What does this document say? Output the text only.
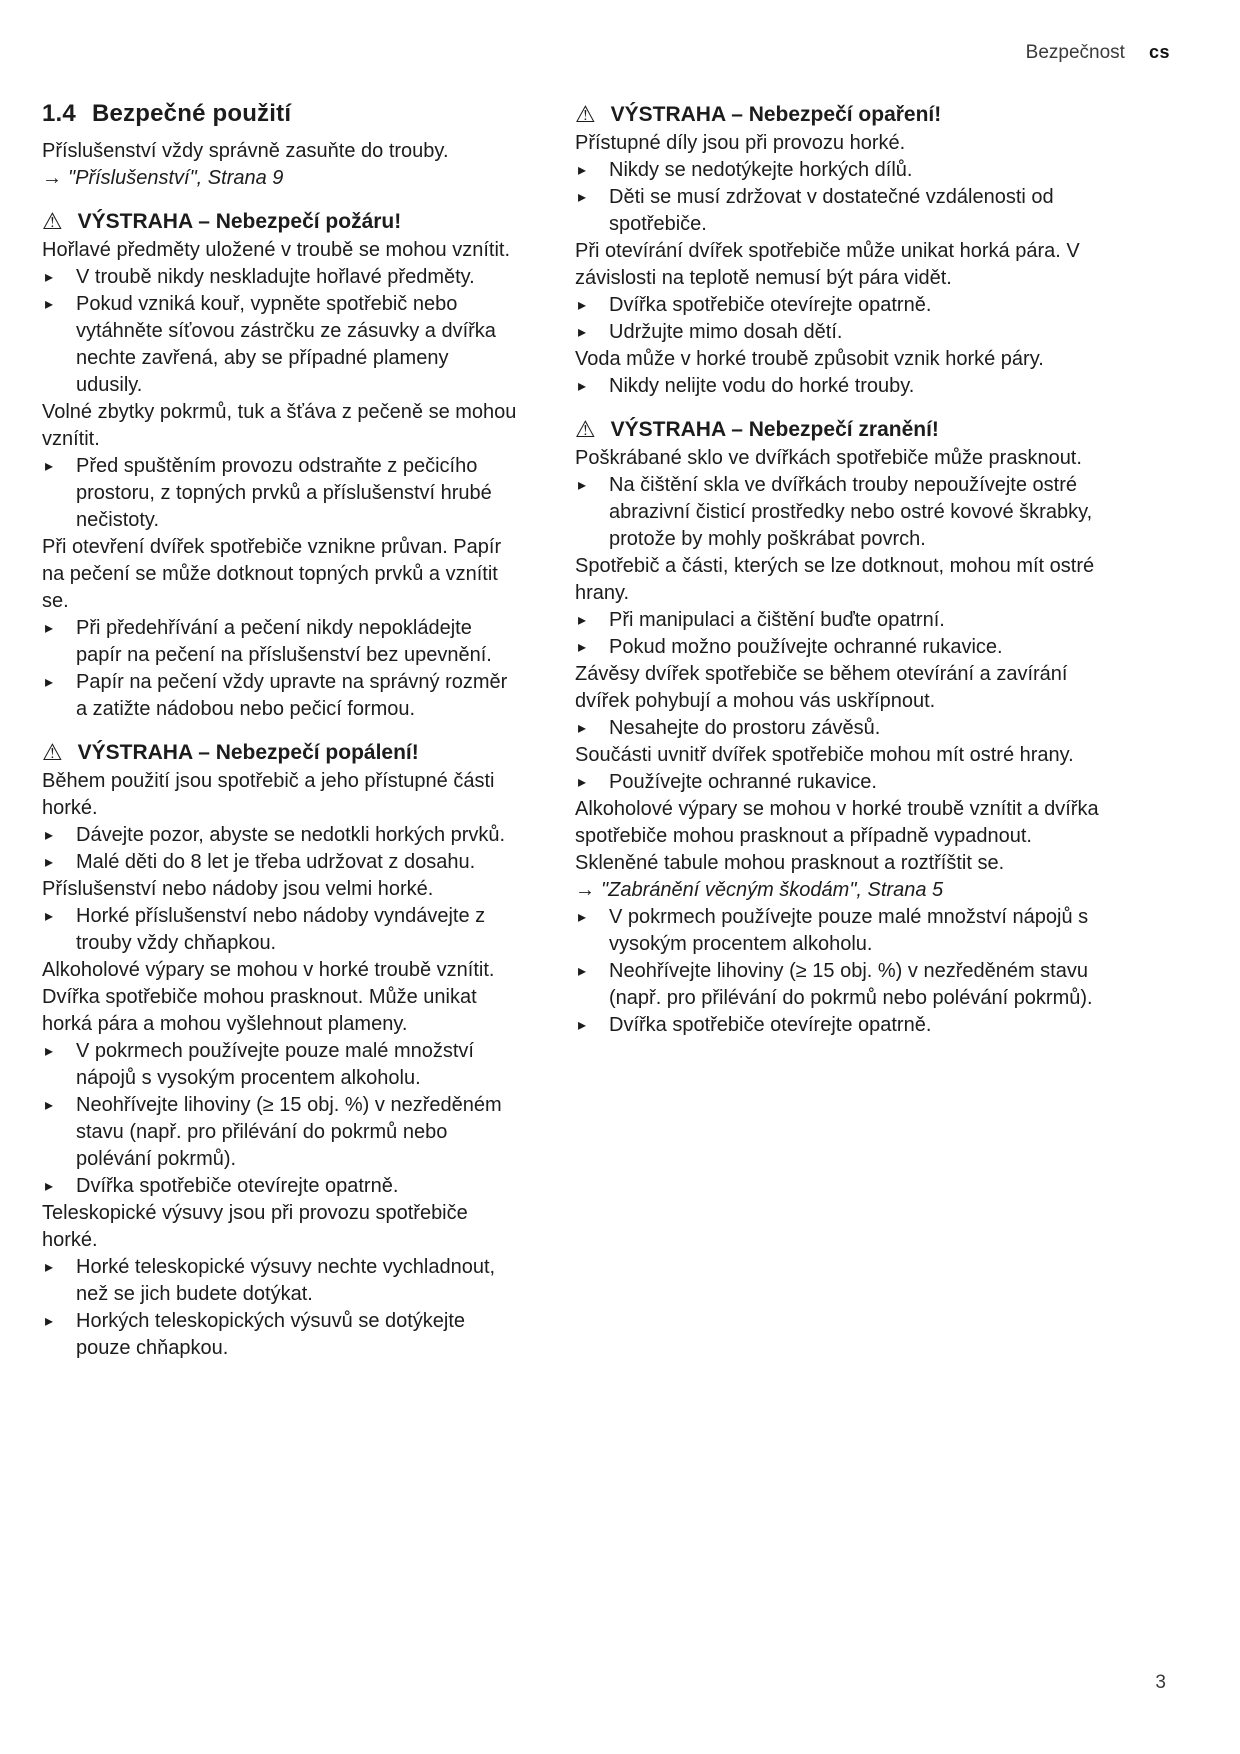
Bezpečnost cs
1.4 Bezpečné použití

Příslušenství vždy správně zasuňte do trouby.

→ "Příslušenství", Strana 9

⚠ VÝSTRAHA – Nebezpečí požáru!

Hořlavé předměty uložené v troubě se mohou vznítit.

▸ V troubě nikdy neskladujte hořlavé předměty.
▸ Pokud vzniká kouř, vypněte spotřebič nebo vytáhněte síťovou zástrčku ze zásuvky a dvířka nechte zavřená, aby se případné plameny udusily.

Volné zbytky pokrmů, tuk a šťáva z pečeně se mohou vznítit.

▸ Před spuštěním provozu odstraňte z pečicího prostoru, z topných prvků a příslušenství hrubé nečistoty.

Při otevření dvířek spotřebiče vznikne průvan. Papír na pečení se může dotknout topných prvků a vznítit se.

▸ Při předehřívání a pečení nikdy nepokládejte papír na pečení na příslušenství bez upevnění.
▸ Papír na pečení vždy upravte na správný rozměr a zatižte nádobou nebo pečicí formou.
⚠ VÝSTRAHA – Nebezpečí popálení!

Během použití jsou spotřebič a jeho přístupné části horké.

▸ Dávejte pozor, abyste se nedotkli horkých prvků.
▸ Malé děti do 8 let je třeba udržovat z dosahu.

Příslušenství nebo nádoby jsou velmi horké.

▸ Horké příslušenství nebo nádoby vyndávejte z trouby vždy chňapkou.

Alkoholové výpary se mohou v horké troubě vznítit. Dvířka spotřebiče mohou prasknout. Může unikat horká pára a mohou vyšlehnout plameny.

▸ V pokrmech používejte pouze malé množství nápojů s vysokým procentem alkoholu.
▸ Neohřívejte lihoviny (≥ 15 obj. %) v nezředěném stavu (např. pro přilévání do pokrmů nebo polévání pokrmů).
▸ Dvířka spotřebiče otevírejte opatrně.

Teleskopické výsuvy jsou při provozu spotřebiče horké.

▸ Horké teleskopické výsuvy nechte vychladnout, než se jich budete dotýkat.
▸ Horkých teleskopických výsuvů se dotýkejte pouze chňapkou.
⚠ VÝSTRAHA – Nebezpečí opaření!

Přístupné díly jsou při provozu horké.

▸ Nikdy se nedotýkejte horkých dílů.
▸ Děti se musí zdržovat v dostatečné vzdálenosti od spotřebiče.

Při otevírání dvířek spotřebiče může unikat horká pára. V závislosti na teplotě nemusí být pára vidět.

▸ Dvířka spotřebiče otevírejte opatrně.
▸ Udržujte mimo dosah dětí.

Voda může v horké troubě způsobit vznik horké páry.

▸ Nikdy nelijte vodu do horké trouby.
⚠ VÝSTRAHA – Nebezpečí zranění!

Poškrábané sklo ve dvířkách spotřebiče může prasknout.

▸ Na čištění skla ve dvířkách trouby nepoužívejte ostré abrazivní čisticí prostředky nebo ostré kovové škrabky, protože by mohly poškrábat povrch.

Spotřebič a části, kterých se lze dotknout, mohou mít ostré hrany.

▸ Při manipulaci a čištění buďte opatrní.
▸ Pokud možno používejte ochranné rukavice.

Závěsy dvířek spotřebiče se během otevírání a zavírání dvířek pohybují a mohou vás uskřípnout.

▸ Nesahejte do prostoru závěsů.

Součásti uvnitř dvířek spotřebiče mohou mít ostré hrany.

▸ Používejte ochranné rukavice.

Alkoholové výpary se mohou v horké troubě vznítit a dvířka spotřebiče mohou prasknout a případně vypadnout. Skleněné tabule mohou prasknout a roztříštit se.

→ "Zabránění věcným škodám", Strana 5

▸ V pokrmech používejte pouze malé množství nápojů s vysokým procentem alkoholu.
▸ Neohřívejte lihoviny (≥ 15 obj. %) v nezředěném stavu (např. pro přilévání do pokrmů nebo polévání pokrmů).
▸ Dvířka spotřebiče otevírejte opatrně.
3
